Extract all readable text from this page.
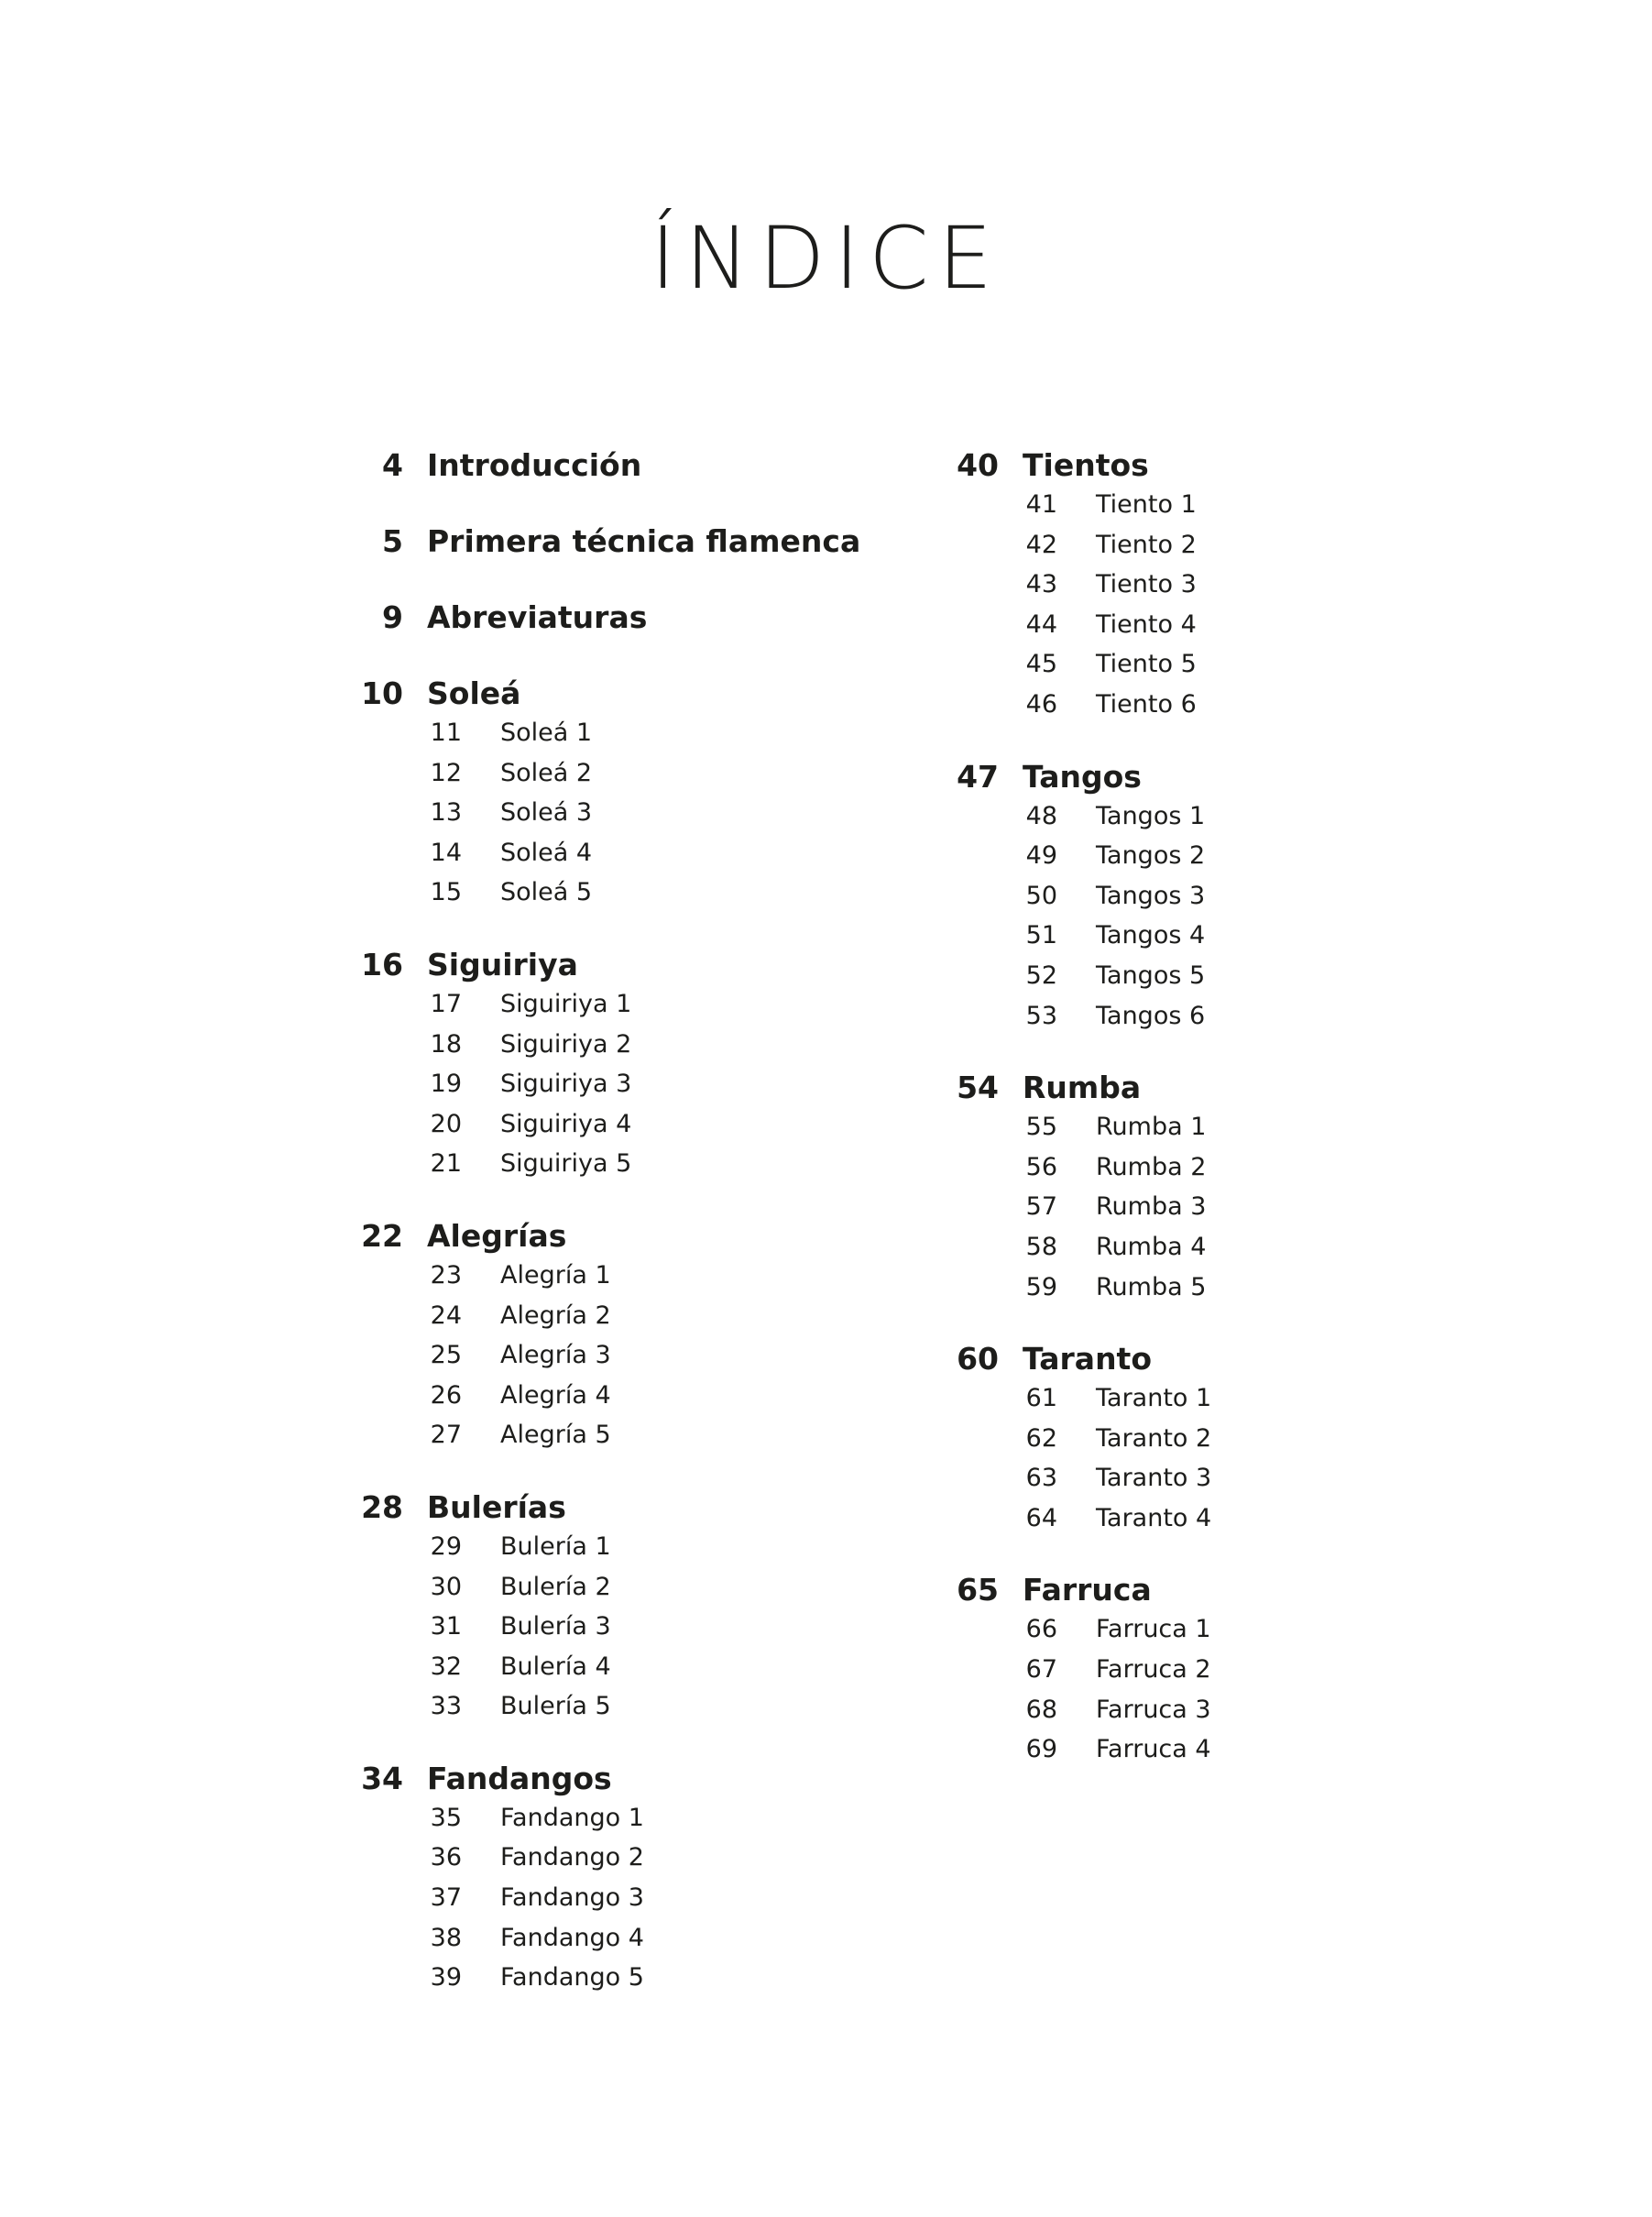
ÍNDICE
4 Introducción
5 Primera técnica flamenca
9 Abreviaturas
10 Soleá
11 Soleá 1
12 Soleá 2
13 Soleá 3
14 Soleá 4
15 Soleá 5
16 Siguiriya
17 Siguiriya 1
18 Siguiriya 2
19 Siguiriya 3
20 Siguiriya 4
21 Siguiriya 5
22 Alegrías
23 Alegría 1
24 Alegría 2
25 Alegría 3
26 Alegría 4
27 Alegría 5
28 Bulerías
29 Bulería 1
30 Bulería 2
31 Bulería 3
32 Bulería 4
33 Bulería 5
34 Fandangos
35 Fandango 1
36 Fandango 2
37 Fandango 3
38 Fandango 4
39 Fandango 5
40 Tientos
41 Tiento 1
42 Tiento 2
43 Tiento 3
44 Tiento 4
45 Tiento 5
46 Tiento 6
47 Tangos
48 Tangos 1
49 Tangos 2
50 Tangos 3
51 Tangos 4
52 Tangos 5
53 Tangos 6
54 Rumba
55 Rumba 1
56 Rumba 2
57 Rumba 3
58 Rumba 4
59 Rumba 5
60 Taranto
61 Taranto 1
62 Taranto 2
63 Taranto 3
64 Taranto 4
65 Farruca
66 Farruca 1
67 Farruca 2
68 Farruca 3
69 Farruca 4
